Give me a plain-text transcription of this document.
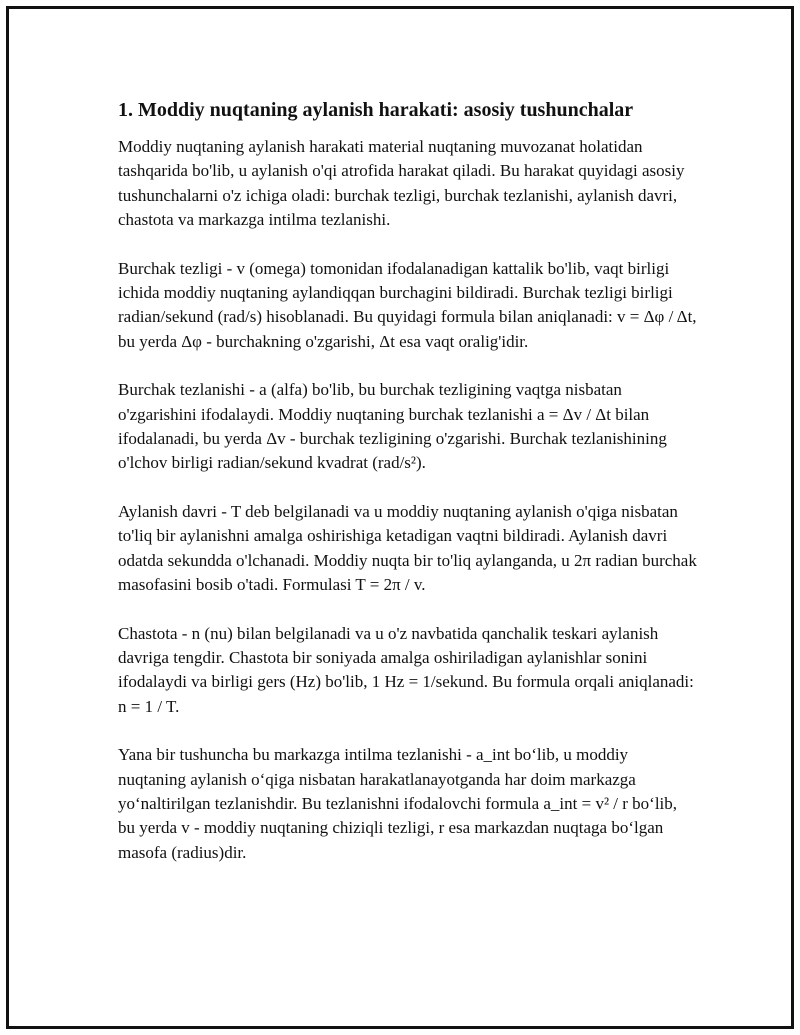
1. Moddiy nuqtaning aylanish harakati: asosiy tushunchalar

Moddiy nuqtaning aylanish harakati material nuqtaning muvozanat holatidan tashqarida bo'lib, u aylanish o'qi atrofida harakat qiladi. Bu harakat quyidagi asosiy tushunchalarni o'z ichiga oladi: burchak tezligi, burchak tezlanishi, aylanish davri, chastota va markazga intilma tezlanishi.

Burchak tezligi - v (omega) tomonidan ifodalanadigan kattalik bo'lib, vaqt birligi ichida moddiy nuqtaning aylandiqqan burchagini bildiradi. Burchak tezligi birligi radian/sekund (rad/s) hisoblanadi. Bu quyidagi formula bilan aniqlanadi: v = Δφ / Δt, bu yerda Δφ - burchakning o'zgarishi, Δt esa vaqt oralig'idir.

Burchak tezlanishi - a (alfa) bo'lib, bu burchak tezligining vaqtga nisbatan o'zgarishini ifodalaydi. Moddiy nuqtaning burchak tezlanishi a = Δv / Δt bilan ifodalanadi, bu yerda Δv - burchak tezligining o'zgarishi. Burchak tezlanishining o'lchov birligi radian/sekund kvadrat (rad/s²).

Aylanish davri - T deb belgilanadi va u moddiy nuqtaning aylanish o'qiga nisbatan to'liq bir aylanishni amalga oshirishiga ketadigan vaqtni bildiradi. Aylanish davri odatda sekundda o'lchanadi. Moddiy nuqta bir to'liq aylanganda, u 2π radian burchak masofasini bosib o'tadi. Formulasi T = 2π / v.

Chastota - n (nu) bilan belgilanadi va u o'z navbatida qanchalik teskari aylanish davriga tengdir. Chastota bir soniyada amalga oshiriladigan aylanishlar sonini ifodalaydi va birligi gers (Hz) bo'lib, 1 Hz = 1/sekund. Bu formula orqali aniqlanadi: n = 1 / T.

Yana bir tushuncha bu markazga intilma tezlanishi - a_int bo‘lib, u moddiy nuqtaning aylanish o‘qiga nisbatan harakatlanayotganda har doim markazga yo‘naltirilgan tezlanishdir. Bu tezlanishni ifodalovchi formula a_int = v² / r bo‘lib, bu yerda v - moddiy nuqtaning chiziqli tezligi, r esa markazdan nuqtaga bo‘lgan masofa (radius)dir.
